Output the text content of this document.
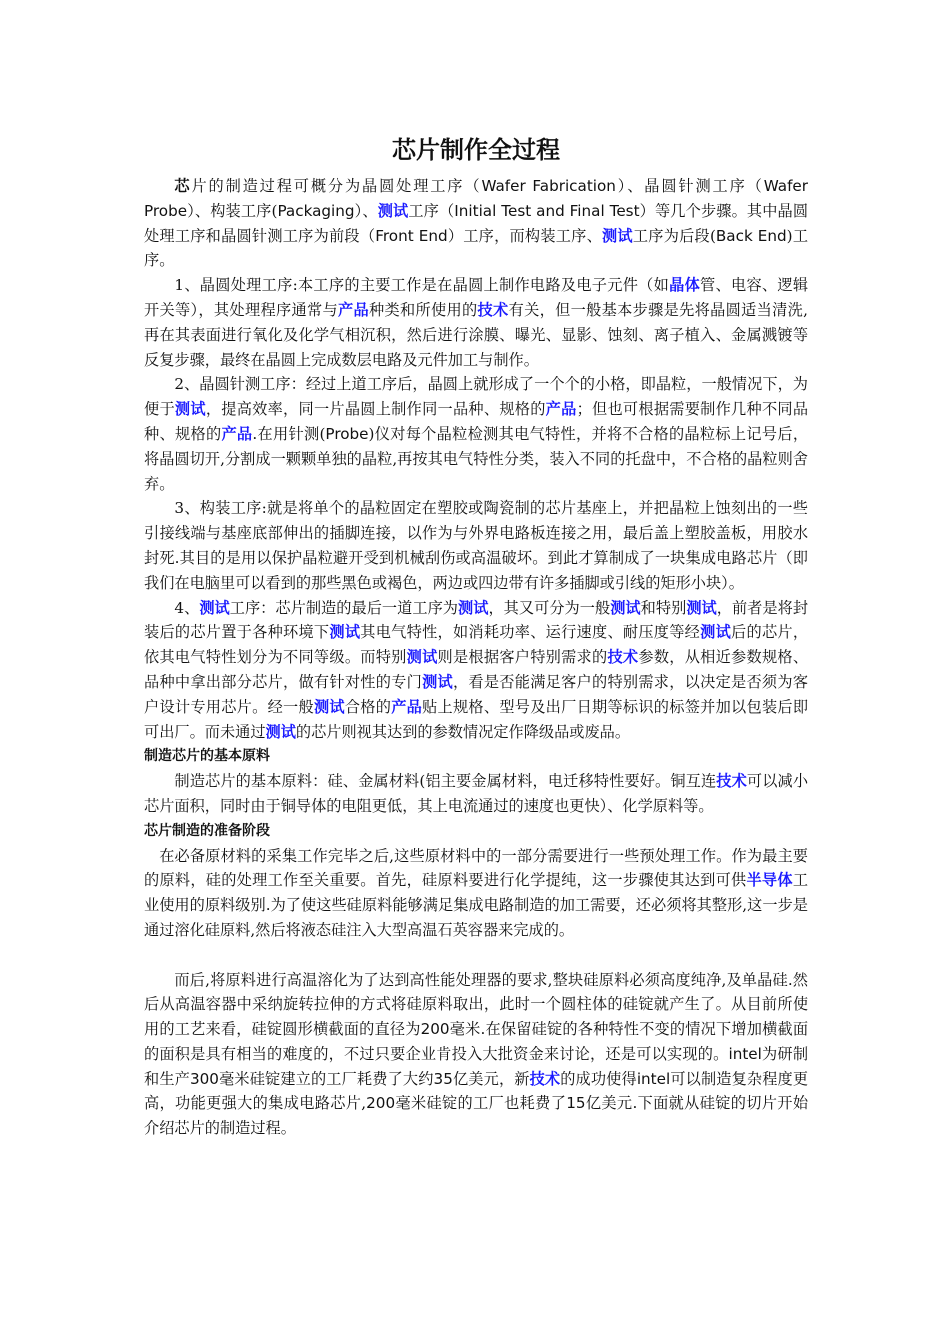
芯片制作全过程

芯片的制造过程可概分为晶圆处理工序（Wafer Fabrication）、晶圆针测工序（Wafer Probe）、构装工序(Packaging）、测试工序（Initial Test and Final Test）等几个步骤。其中晶圆处理工序和晶圆针测工序为前段（Front End）工序，而构装工序、测试工序为后段(Back End)工序。

1、晶圆处理工序:本工序的主要工作是在晶圆上制作电路及电子元件（如晶体管、电容、逻辑开关等），其处理程序通常与产品种类和所使用的技术有关，但一般基本步骤是先将晶圆适当清洗,再在其表面进行氧化及化学气相沉积，然后进行涂膜、曝光、显影、蚀刻、离子植入、金属溅镀等反复步骤，最终在晶圆上完成数层电路及元件加工与制作。

2、晶圆针测工序：经过上道工序后，晶圆上就形成了一个个的小格，即晶粒，一般情况下，为便于测试，提高效率，同一片晶圆上制作同一品种、规格的产品；但也可根据需要制作几种不同品种、规格的产品.在用针测(Probe)仪对每个晶粒检测其电气特性，并将不合格的晶粒标上记号后，将晶圆切开,分割成一颗颗单独的晶粒,再按其电气特性分类，装入不同的托盘中，不合格的晶粒则舍弃。

3、构装工序:就是将单个的晶粒固定在塑胶或陶瓷制的芯片基座上，并把晶粒上蚀刻出的一些引接线端与基座底部伸出的插脚连接，以作为与外界电路板连接之用，最后盖上塑胶盖板，用胶水封死.其目的是用以保护晶粒避开受到机械刮伤或高温破坏。到此才算制成了一块集成电路芯片（即我们在电脑里可以看到的那些黑色或褐色，两边或四边带有许多插脚或引线的矩形小块）。

4、测试工序：芯片制造的最后一道工序为测试，其又可分为一般测试和特别测试，前者是将封装后的芯片置于各种环境下测试其电气特性，如消耗功率、运行速度、耐压度等经测试后的芯片，依其电气特性划分为不同等级。而特别测试则是根据客户特别需求的技术参数，从相近参数规格、品种中拿出部分芯片，做有针对性的专门测试，看是否能满足客户的特别需求，以决定是否须为客户设计专用芯片。经一般测试合格的产品贴上规格、型号及出厂日期等标识的标签并加以包装后即可出厂。而未通过测试的芯片则视其达到的参数情况定作降级品或废品。

制造芯片的基本原料

制造芯片的基本原料：硅、金属材料(铝主要金属材料，电迁移特性要好。铜互连技术可以减小芯片面积，同时由于铜导体的电阻更低，其上电流通过的速度也更快）、化学原料等。

芯片制造的准备阶段

在必备原材料的采集工作完毕之后,这些原材料中的一部分需要进行一些预处理工作。作为最主要的原料，硅的处理工作至关重要。首先，硅原料要进行化学提纯，这一步骤使其达到可供半导体工业使用的原料级别.为了使这些硅原料能够满足集成电路制造的加工需要，还必须将其整形,这一步是通过溶化硅原料,然后将液态硅注入大型高温石英容器来完成的。

而后,将原料进行高温溶化为了达到高性能处理器的要求,整块硅原料必须高度纯净,及单晶硅.然后从高温容器中采纳旋转拉伸的方式将硅原料取出，此时一个圆柱体的硅锭就产生了。从目前所使用的工艺来看，硅锭圆形横截面的直径为200毫米.在保留硅锭的各种特性不变的情况下增加横截面的面积是具有相当的难度的，不过只要企业肯投入大批资金来讨论，还是可以实现的。intel为研制和生产300毫米硅锭建立的工厂耗费了大约35亿美元，新技术的成功使得intel可以制造复杂程度更高，功能更强大的集成电路芯片,200毫米硅锭的工厂也耗费了15亿美元.下面就从硅锭的切片开始介绍芯片的制造过程。
